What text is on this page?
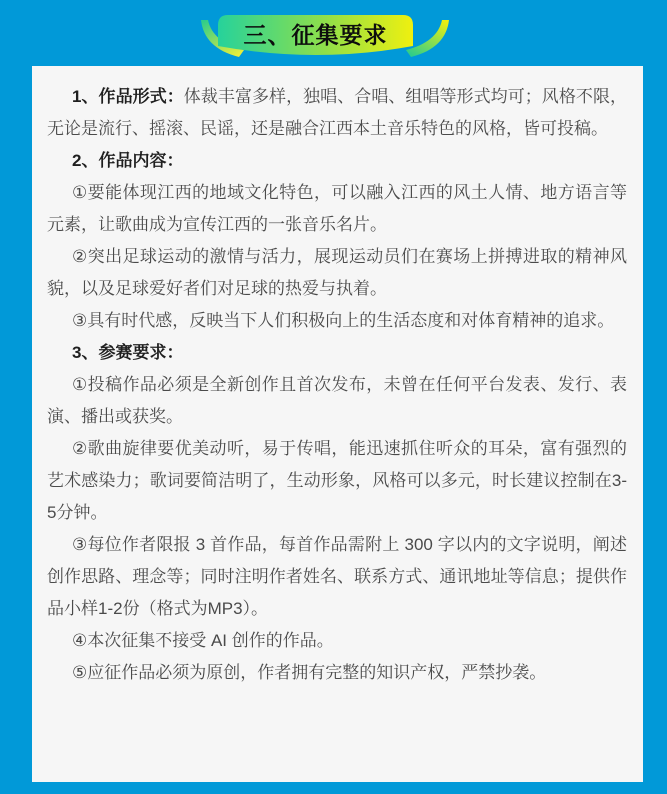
三、征集要求

1、作品形式：体裁丰富多样，独唱、合唱、组唱等形式均可；风格不限，无论是流行、摇滚、民谣，还是融合江西本土音乐特色的风格，皆可投稿。

2、作品内容：

①要能体现江西的地域文化特色，可以融入江西的风土人情、地方语言等元素，让歌曲成为宣传江西的一张音乐名片。

②突出足球运动的激情与活力，展现运动员们在赛场上拼搏进取的精神风貌，以及足球爱好者们对足球的热爱与执着。

③具有时代感，反映当下人们积极向上的生活态度和对体育精神的追求。

3、参赛要求：

①投稿作品必须是全新创作且首次发布，未曾在任何平台发表、发行、表演、播出或获奖。

②歌曲旋律要优美动听，易于传唱，能迅速抓住听众的耳朵，富有强烈的艺术感染力；歌词要简洁明了，生动形象，风格可以多元，时长建议控制在3-5分钟。

③每位作者限报 3 首作品，每首作品需附上 300 字以内的文字说明，阐述创作思路、理念等；同时注明作者姓名、联系方式、通讯地址等信息；提供作品小样1-2份（格式为MP3）。

④本次征集不接受 AI 创作的作品。

⑤应征作品必须为原创，作者拥有完整的知识产权，严禁抄袭。
